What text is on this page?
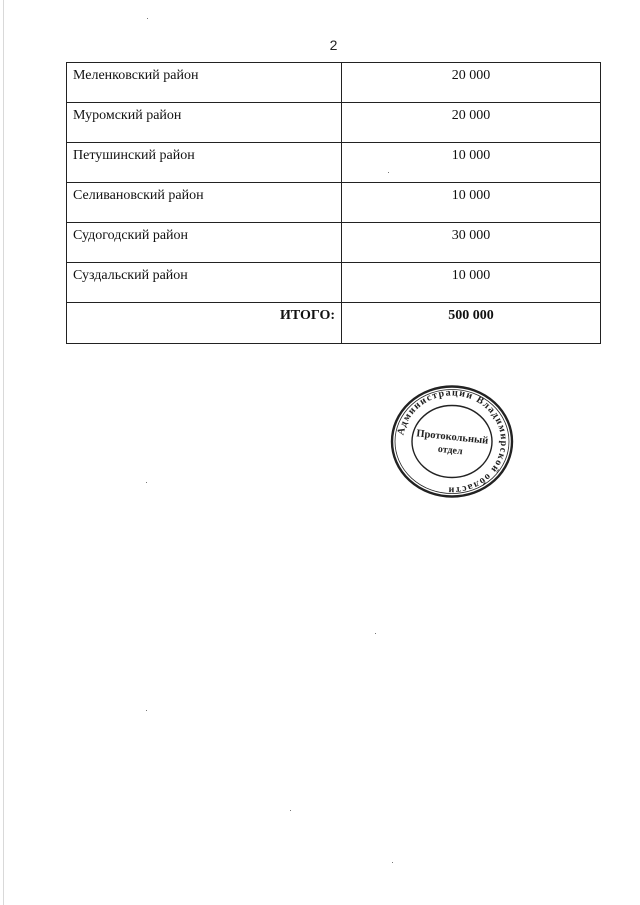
2
Меленковский район	20 000
Муромский район	20 000
Петушинский район	10 000
Селивановский район	10 000
Судогодский район	30 000
Суздальский район	10 000
ИТОГО:	500 000
Администрации Владимирской области
Протокольный
отдел
